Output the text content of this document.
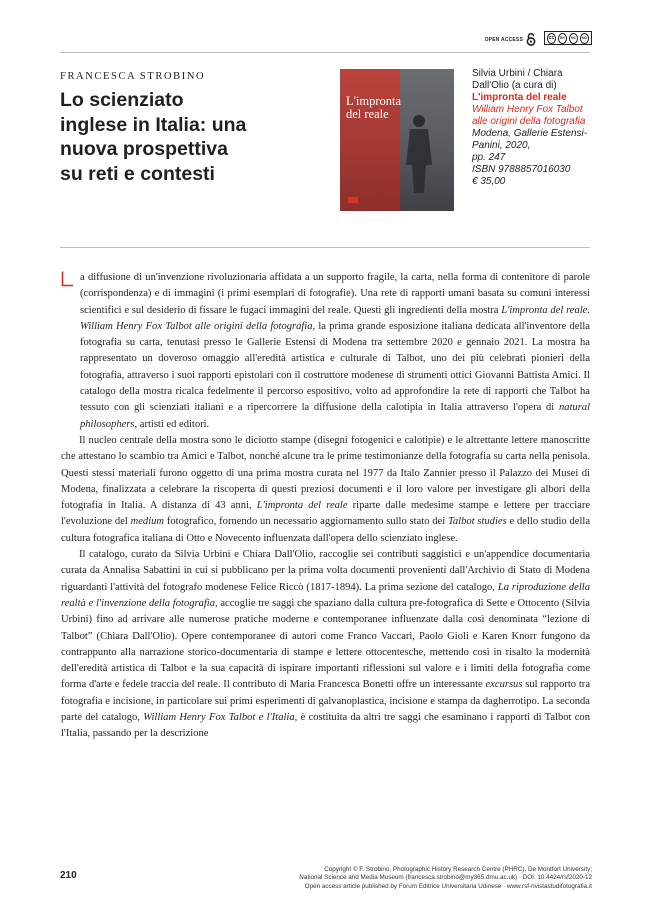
OPEN ACCESS	cc	BY	NC	ND
FRANCESCA STROBINO
Lo scienziato inglese in Italia: una nuova prospettiva su reti e contesti
L'impronta
del reale
Silvia Urbini / Chiara Dall'Olio (a cura di)
L'impronta del reale
William Henry Fox Talbot alle origini della fotografia
Modena, Gallerie Estensi-Panini, 2020,
pp. 247
ISBN 9788857016030
€ 35,00

a diffusione di un'invenzione rivoluzionaria affidata a un supporto fragile, la carta, nella forma di contenitore di parole (corrispondenza) e di immagini (i primi esemplari di fotografie). Una rete di rapporti umani basata su comuni interessi scientifici e sul desiderio di fissare le fugaci immagini del reale. Questi gli ingredienti della mostra L'impronta del reale. William Henry Fox Talbot alle origini della fotografia, la prima grande esposizione italiana dedicata all'inventore della fotografia su carta, tenutasi presso le Gallerie Estensi di Modena tra settembre 2020 e gennaio 2021. La mostra ha rappresentato un doveroso omaggio all'eredità artistica e culturale di Talbot, uno dei più celebrati pionieri della fotografia, attraverso i suoi rapporti epistolari con il costruttore modenese di strumenti ottici Giovanni Battista Amici. Il catalogo della mostra ricalca fedelmente il percorso espositivo, volto ad approfondire la rete di rapporti che Talbot ha tessuto con gli scienziati italiani e a ripercorrere la diffusione della calotipia in Italia attraverso l'opera di natural philosophers, artisti ed editori.

Il nucleo centrale della mostra sono le diciotto stampe (disegni fotogenici e calotipie) e le altrettante lettere manoscritte che attestano lo scambio tra Amici e Talbot, nonché alcune tra le prime testimonianze della fotografia su carta nella penisola. Questi stessi materiali furono oggetto di una prima mostra curata nel 1977 da Italo Zannier presso il Palazzo dei Musei di Modena, finalizzata a celebrare la riscoperta di questi preziosi documenti e il loro valore per investigare gli albori della fotografia in Italia. A distanza di 43 anni, L'impronta del reale riparte dalle medesime stampe e lettere per tracciare l'evoluzione del medium fotografico, fornendo un necessario aggiornamento sullo stato dei Talbot studies e dello studio della cultura fotografica italiana di Otto e Novecento influenzata dall'opera dello scienziato inglese.

Il catalogo, curato da Silvia Urbini e Chiara Dall'Olio, raccoglie sei contributi saggistici e un'appendice documentaria curata da Annalisa Sabattini in cui si pubblicano per la prima volta documenti provenienti dall'Archivio di Stato di Modena riguardanti l'attività del fotografo modenese Felice Riccò (1817-1894). La prima sezione del catalogo, La riproduzione della realtà e l'invenzione della fotografia, accoglie tre saggi che spaziano dalla cultura pre-fotografica di Sette e Ottocento (Silvia Urbini) fino ad arrivare alle numerose pratiche moderne e contemporanee influenzate dalla così denominata “lezione di Talbot” (Chiara Dall'Olio). Opere contemporanee di autori come Franco Vaccari, Paolo Gioli e Karen Knorr fungono da contrappunto alla narrazione storico-documentaria di stampe e lettere ottocentesche, mettendo così in risalto la modernità dell'eredità artistica di Talbot e la sua capacità di ispirare importanti riflessioni sul valore e i limiti della fotografia come forma d'arte e fedele traccia del reale. Il contributo di Maria Francesca Bonetti offre un interessante excursus sul rapporto tra fotografia e incisione, in particolare sui primi esperimenti di galvanoplastica, incisione e stampa da dagherrotipo. La seconda parte del catalogo, William Henry Fox Talbot e l'Italia, è costituita da altri tre saggi che esaminano i rapporti di Talbot con l'Italia, passando per la descrizione

210
Copyright © F. Strobino, Photographic History Research Centre (PHRC), De Montfort University;
National Science and Media Museum (francesca.strobino@my365.dmu.ac.uk) · DOI: 10.4424/rsf2020-12
Open access article published by Forum Editrice Universitaria Udinese · www.rsf-rivistastudifotografia.it
